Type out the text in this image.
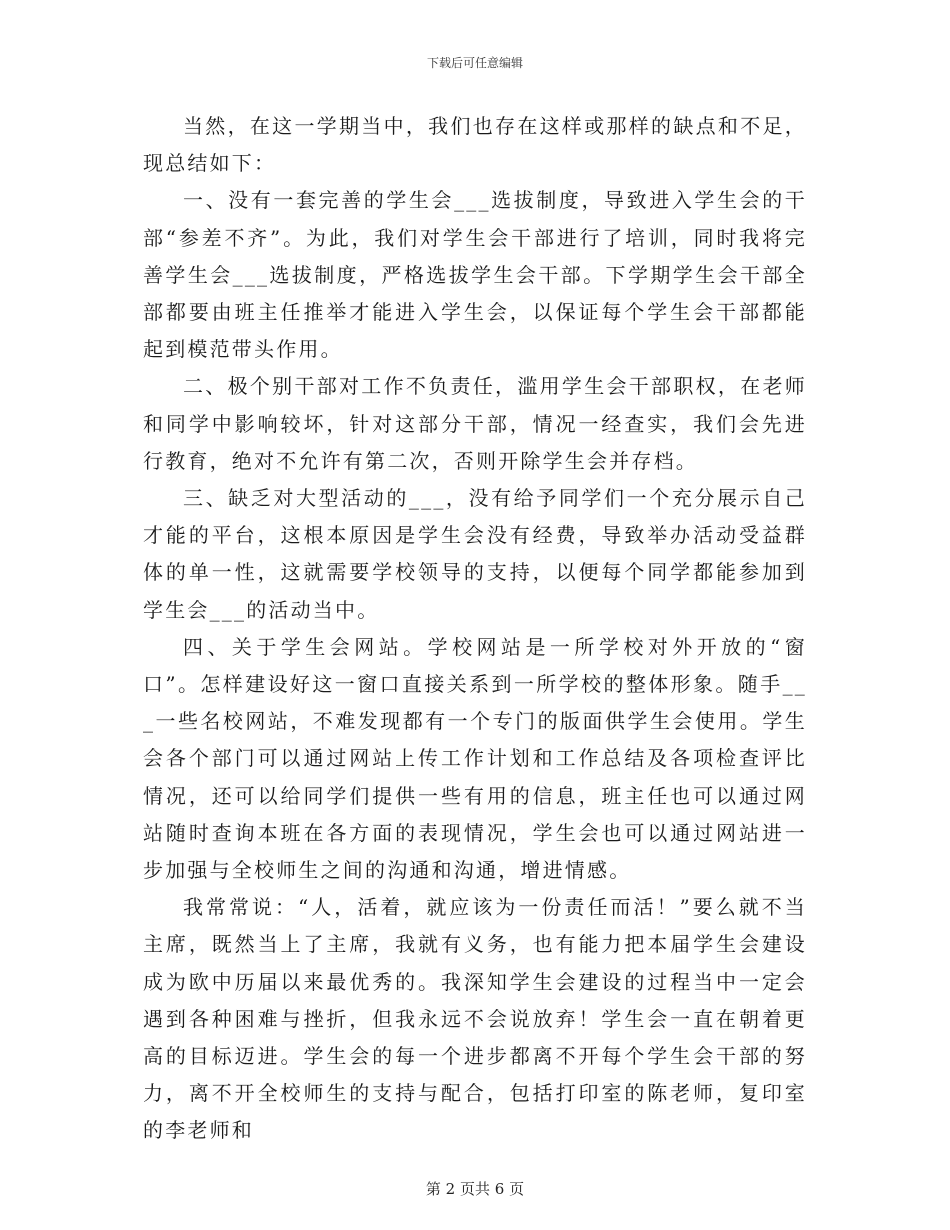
下载后可任意编辑

当然，在这一学期当中，我们也存在这样或那样的缺点和不足，现总结如下：

一、没有一套完善的学生会___选拔制度，导致进入学生会的干部“参差不齐”。为此，我们对学生会干部进行了培训，同时我将完善学生会___选拔制度，严格选拔学生会干部。下学期学生会干部全部都要由班主任推举才能进入学生会，以保证每个学生会干部都能起到模范带头作用。

二、极个别干部对工作不负责任，滥用学生会干部职权，在老师和同学中影响较坏，针对这部分干部，情况一经查实，我们会先进行教育，绝对不允许有第二次，否则开除学生会并存档。

三、缺乏对大型活动的___，没有给予同学们一个充分展示自己才能的平台，这根本原因是学生会没有经费，导致举办活动受益群体的单一性，这就需要学校领导的支持，以便每个同学都能参加到学生会___的活动当中。

四、关于学生会网站。学校网站是一所学校对外开放的“窗口”。怎样建设好这一窗口直接关系到一所学校的整体形象。随手___一些名校网站，不难发现都有一个专门的版面供学生会使用。学生会各个部门可以通过网站上传工作计划和工作总结及各项检查评比情况，还可以给同学们提供一些有用的信息，班主任也可以通过网站随时查询本班在各方面的表现情况，学生会也可以通过网站进一步加强与全校师生之间的沟通和沟通，增进情感。

我常常说：“人，活着，就应该为一份责任而活！”要么就不当主席，既然当上了主席，我就有义务，也有能力把本届学生会建设成为欧中历届以来最优秀的。我深知学生会建设的过程当中一定会遇到各种困难与挫折，但我永远不会说放弃！学生会一直在朝着更高的目标迈进。学生会的每一个进步都离不开每个学生会干部的努力，离不开全校师生的支持与配合，包括打印室的陈老师，复印室的李老师和

第 2 页共 6 页
